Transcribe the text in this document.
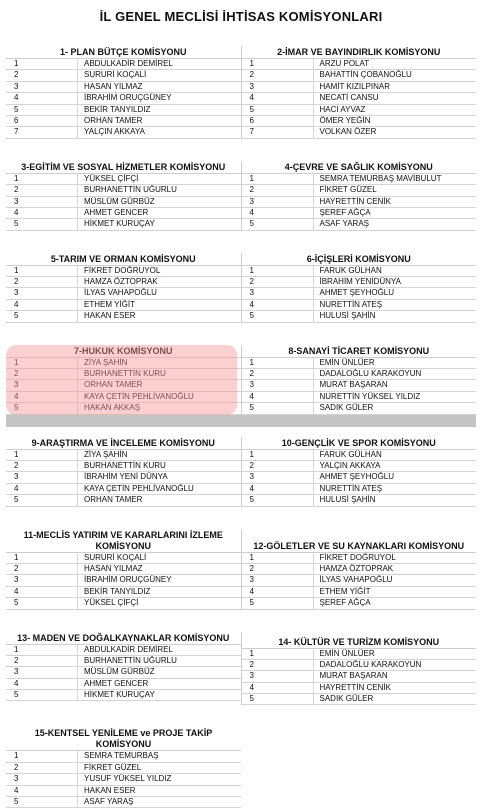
İL GENEL MECLİSİ İHTİSAS KOMİSYONLARI
1- PLAN BÜTÇE KOMİSYONU
1	ABDULKADİR DEMİREL
2	SURURİ KOÇALİ
3	HASAN YILMAZ
4	İBRAHİM ORUÇGÜNEY
5	BEKİR TANYILDIZ
6	ORHAN TAMER
7	YALÇIN AKKAYA
2-İMAR VE BAYINDIRLIK KOMİSYONU
1	ARZU POLAT
2	BAHATTİN ÇOBANOĞLU
3	HAMİT KIZILPINAR
4	NECATİ CANSU
5	HACI AYVAZ
6	ÖMER YEĞİN
7	VOLKAN ÖZER
3-EGİTİM VE SOSYAL HİZMETLER KOMİSYONU
1	YÜKSEL ÇİFÇİ
2	BURHANETTİN UĞURLU
3	MÜSLÜM GÜRBÜZ
4	AHMET GENCER
5	HİKMET KURUÇAY
4-ÇEVRE VE SAĞLIK KOMİSYONU
1	SEMRA TEMURBAŞ MAVİBULUT
2	FİKRET GÜZEL
3	HAYRETTİN CENİK
4	ŞEREF AĞÇA
5	ASAF YARAŞ
5-TARIM VE ORMAN KOMİSYONU
1	FİKRET DOĞRUYOL
2	HAMZA ÖZTOPRAK
3	İLYAS VAHAPOĞLU
4	ETHEM YİĞİT
5	HAKAN ESER
6-İÇİŞLERİ KOMİSYONU
1	FARUK GÜLHAN
2	İBRAHİM YENİDÜNYA
3	AHMET ŞEYHOĞLU
4	NURETTİN ATEŞ
5	HULUSİ ŞAHİN
7-HUKUK KOMİSYONU
1	ZİYA ŞAHİN
2	BURHANETTİN KURU
3	ORHAN TAMER
4	KAYA ÇETİN PEHLİVANOĞLU
5	HAKAN AKKAŞ
8-SANAYİ TİCARET KOMİSYONU
1	EMİN ÜNLÜER
2	DADALOĞLU KARAKOYUN
3	MURAT BAŞARAN
4	NURETTİN YÜKSEL YILDIZ
5	SADIK GÜLER
9-ARAŞTIRMA VE İNCELEME KOMİSYONU
1	ZİYA ŞAHİN
2	BURHANETTİN KURU
3	İBRAHİM YENİ DÜNYA
4	KAYA ÇETİN PEHLİVANOĞLU
5	ORHAN TAMER
10-GENÇLİK VE SPOR KOMİSYONU
1	FARUK GÜLHAN
2	YALÇIN AKKAYA
3	AHMET ŞEYHOĞLU
4	NURETTİN ATEŞ
5	HULUSİ ŞAHİN
11-MECLİS YATIRIM VE KARARLARINI İZLEME KOMİSYONU
1	SURURİ KOÇALİ
2	HASAN YILMAZ
3	İBRAHİM ORUÇGÜNEY
4	BEKİR TANYILDIZ
5	YÜKSEL ÇİFÇİ
12-GÖLETLER VE SU KAYNAKLARI KOMİSYONU
1	FİKRET DOĞRUYOL
2	HAMZA ÖZTOPRAK
3	İLYAS VAHAPOĞLU
4	ETHEM YİĞİT
5	ŞEREF AĞÇA
13- MADEN VE DOĞALKAYNAKLAR KOMİSYONU
1	ABDULKADİR DEMİREL
2	BURHANETTİN UĞURLU
3	MÜSLÜM GÜRBÜZ
4	AHMET GENCER
5	HİKMET KURUÇAY
14- KÜLTÜR VE TURİZM KOMİSYONU
1	EMİN ÜNLÜER
2	DADALOĞLU KARAKOYUN
3	MURAT BAŞARAN
4	HAYRETTİN CENİK
5	SADIK GÜLER
15-KENTSEL YENİLEME ve PROJE TAKİP KOMİSYONU
1	SEMRA TEMURBAŞ
2	FİKRET GÜZEL
3	YUSUF YÜKSEL YILDIZ
4	HAKAN ESER
5	ASAF YARAŞ
